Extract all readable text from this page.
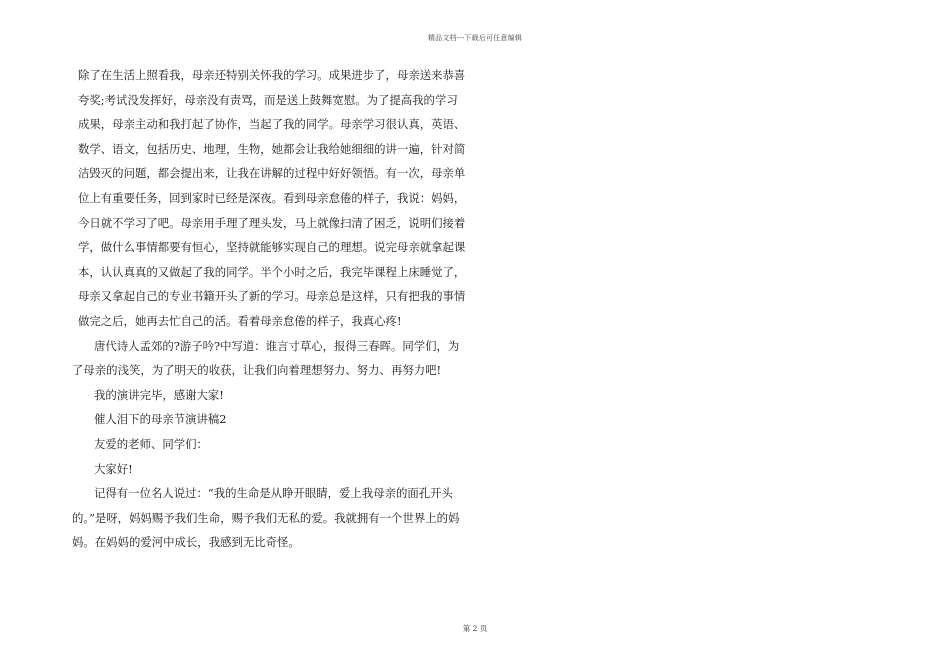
精品文档---下载后可任意编辑

除了在生活上照看我，母亲还特别关怀我的学习。成果进步了，母亲送来恭喜夸奖;考试没发挥好，母亲没有责骂，而是送上鼓舞宽慰。为了提高我的学习成果，母亲主动和我打起了协作，当起了我的同学。母亲学习很认真，英语、数学、语文，包括历史、地理，生物，她都会让我给她细细的讲一遍，针对简洁毁灭的问题，都会提出来，让我在讲解的过程中好好领悟。有一次，母亲单位上有重要任务，回到家时已经是深夜。看到母亲怠倦的样子，我说：妈妈，今日就不学习了吧。母亲用手理了理头发，马上就像扫清了困乏，说明们接着学，做什么事情都要有恒心，坚持就能够实现自己的理想。说完母亲就拿起课本，认认真真的又做起了我的同学。半个小时之后，我完毕课程上床睡觉了，母亲又拿起自己的专业书籍开头了新的学习。母亲总是这样，只有把我的事情做完之后，她再去忙自己的活。看着母亲怠倦的样子，我真心疼!

唐代诗人孟郊的?游子吟?中写道：谁言寸草心，报得三春晖。同学们，为了母亲的浅笑，为了明天的收获，让我们向着理想努力、努力、再努力吧!

我的演讲完毕，感谢大家!

催人泪下的母亲节演讲稿2

友爱的老师、同学们：

大家好!

记得有一位名人说过：“我的生命是从睁开眼睛，爱上我母亲的面孔开头的。”是呀，妈妈赐予我们生命，赐予我们无私的爱。我就拥有一个世界上的妈妈。在妈妈的爱河中成长，我感到无比奇怪。

第 2 页
